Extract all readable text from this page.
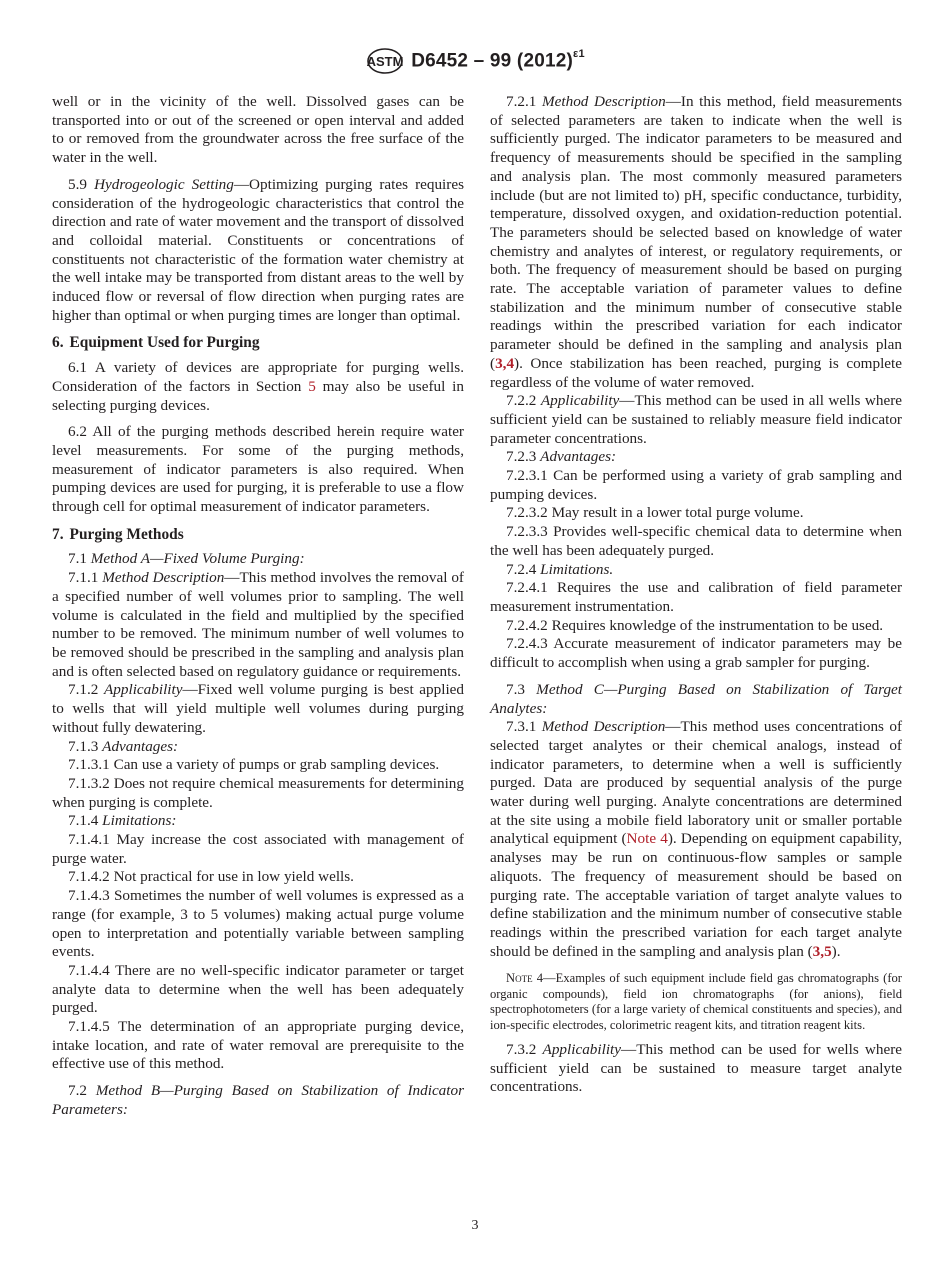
ASTM D6452 – 99 $(2012)^{\varepsilon 1}$

well or in the vicinity of the well. Dissolved gases can be transported into or out of the screened or open interval and added to or removed from the groundwater across the free surface of the water in the well.

5.9 Hydrogeologic Setting—Optimizing purging rates requires consideration of the hydrogeologic characteristics that control the direction and rate of water movement and the transport of dissolved and colloidal material. Constituents or concentrations of constituents not characteristic of the formation water chemistry at the well intake may be transported from distant areas to the well by induced flow or reversal of flow direction when purging rates are higher than optimal or when purging times are longer than optimal.

6. Equipment Used for Purging

6.1 A variety of devices are appropriate for purging wells. Consideration of the factors in Section 5 may also be useful in selecting purging devices.

6.2 All of the purging methods described herein require water level measurements. For some of the purging methods, measurement of indicator parameters is also required. When pumping devices are used for purging, it is preferable to use a flow through cell for optimal measurement of indicator parameters.

7. Purging Methods

7.1 Method A—Fixed Volume Purging:

7.1.1 Method Description—This method involves the removal of a specified number of well volumes prior to sampling. The well volume is calculated in the field and multiplied by the specified number to be removed. The minimum number of well volumes to be removed should be prescribed in the sampling and analysis plan and is often selected based on regulatory guidance or requirements.

7.1.2 Applicability—Fixed well volume purging is best applied to wells that will yield multiple well volumes during purging without fully dewatering.

7.1.3 Advantages:

7.1.3.1 Can use a variety of pumps or grab sampling devices.

7.1.3.2 Does not require chemical measurements for determining when purging is complete.

7.1.4 Limitations:

7.1.4.1 May increase the cost associated with management of purge water.

7.1.4.2 Not practical for use in low yield wells.

7.1.4.3 Sometimes the number of well volumes is expressed as a range (for example, 3 to 5 volumes) making actual purge volume open to interpretation and potentially variable between sampling events.

7.1.4.4 There are no well-specific indicator parameter or target analyte data to determine when the well has been adequately purged.

7.1.4.5 The determination of an appropriate purging device, intake location, and rate of water removal are prerequisite to the effective use of this method.

7.2 Method B—Purging Based on Stabilization of Indicator Parameters:

7.2.1 Method Description—In this method, field measurements of selected parameters are taken to indicate when the well is sufficiently purged. The indicator parameters to be measured and frequency of measurements should be specified in the sampling and analysis plan. The most commonly measured parameters include (but are not limited to) pH, specific conductance, turbidity, temperature, dissolved oxygen, and oxidation-reduction potential. The parameters should be selected based on knowledge of water chemistry and analytes of interest, or regulatory requirements, or both. The frequency of measurement should be based on purging rate. The acceptable variation of parameter values to define stabilization and the minimum number of consecutive stable readings within the prescribed variation for each indicator parameter should be defined in the sampling and analysis plan (3,4). Once stabilization has been reached, purging is complete regardless of the volume of water removed.

7.2.2 Applicability—This method can be used in all wells where sufficient yield can be sustained to reliably measure field indicator parameter concentrations.

7.2.3 Advantages:

7.2.3.1 Can be performed using a variety of grab sampling and pumping devices.

7.2.3.2 May result in a lower total purge volume.

7.2.3.3 Provides well-specific chemical data to determine when the well has been adequately purged.

7.2.4 Limitations.

7.2.4.1 Requires the use and calibration of field parameter measurement instrumentation.

7.2.4.2 Requires knowledge of the instrumentation to be used.

7.2.4.3 Accurate measurement of indicator parameters may be difficult to accomplish when using a grab sampler for purging.

7.3 Method C—Purging Based on Stabilization of Target Analytes:

7.3.1 Method Description—This method uses concentrations of selected target analytes or their chemical analogs, instead of indicator parameters, to determine when a well is sufficiently purged. Data are produced by sequential analysis of the purge water during well purging. Analyte concentrations are determined at the site using a mobile field laboratory unit or smaller portable analytical equipment (Note 4). Depending on equipment capability, analyses may be run on continuous-flow samples or sample aliquots. The frequency of measurement should be based on purging rate. The acceptable variation of target analyte values to define stabilization and the minimum number of consecutive stable readings within the prescribed variation for each target analyte should be defined in the sampling and analysis plan (3,5).

Note 4—Examples of such equipment include field gas chromatographs (for organic compounds), field ion chromatographs (for anions), field spectrophotometers (for a large variety of chemical constituents and species), and ion-specific electrodes, colorimetric reagent kits, and titration reagent kits.

7.3.2 Applicability—This method can be used for wells where sufficient yield can be sustained to measure target analyte concentrations.

3
